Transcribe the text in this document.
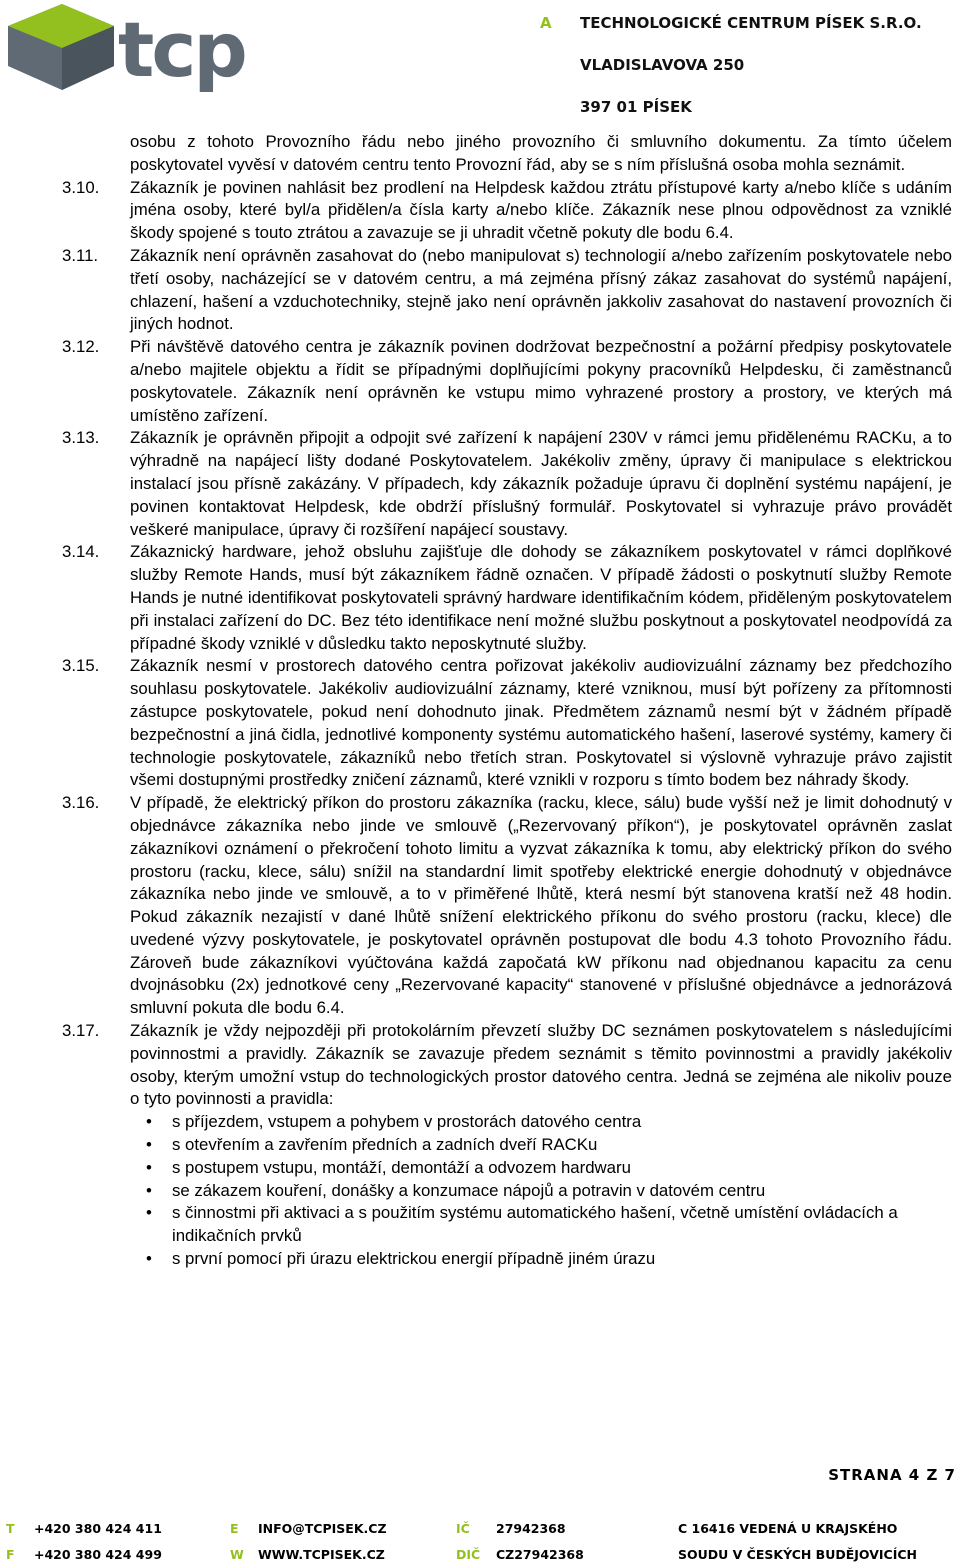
tcp	A TECHNOLOGICKÉ CENTRUM PÍSEK S.R.O.
VLADISLAVOVA 250
397 01 PÍSEK
osobu z tohoto Provozního řádu nebo jiného provozního či smluvního dokumentu. Za tímto účelem poskytovatel vyvěsí v datovém centru tento Provozní řád, aby se s ním příslušná osoba mohla seznámit.
3.10.	Zákazník je povinen nahlásit bez prodlení na Helpdesk každou ztrátu přístupové karty a/nebo klíče s udáním jména osoby, které byl/a přidělen/a čísla karty a/nebo klíče. Zákazník nese plnou odpovědnost za vzniklé škody spojené s touto ztrátou a zavazuje se ji uhradit včetně pokuty dle bodu 6.4.
3.11.	Zákazník není oprávněn zasahovat do (nebo manipulovat s) technologií a/nebo zařízením poskytovatele nebo třetí osoby, nacházející se v datovém centru, a má zejména přísný zákaz zasahovat do systémů napájení, chlazení, hašení a vzduchotechniky, stejně jako není oprávněn jakkoliv zasahovat do nastavení provozních či jiných hodnot.
3.12.	Při návštěvě datového centra je zákazník povinen dodržovat bezpečnostní a požární předpisy poskytovatele a/nebo majitele objektu a řídit se případnými doplňujícími pokyny pracovníků Helpdesku, či zaměstnanců poskytovatele. Zákazník není oprávněn ke vstupu mimo vyhrazené prostory a prostory, ve kterých má umístěno zařízení.
3.13.	Zákazník je oprávněn připojit a odpojit své zařízení k napájení 230V v rámci jemu přidělenému RACKu, a to výhradně na napájecí lišty dodané Poskytovatelem. Jakékoliv změny, úpravy či manipulace s elektrickou instalací jsou přísně zakázány. V případech, kdy zákazník požaduje úpravu či doplnění systému napájení, je povinen kontaktovat Helpdesk, kde obdrží příslušný formulář. Poskytovatel si vyhrazuje právo provádět veškeré manipulace, úpravy či rozšíření napájecí soustavy.
3.14.	Zákaznický hardware, jehož obsluhu zajišťuje dle dohody se zákazníkem poskytovatel v rámci doplňkové služby Remote Hands, musí být zákazníkem řádně označen. V případě žádosti o poskytnutí služby Remote Hands je nutné identifikovat poskytovateli správný hardware identifikačním kódem, přiděleným poskytovatelem při instalaci zařízení do DC. Bez této identifikace není možné službu poskytnout a poskytovatel neodpovídá za případné škody vzniklé v důsledku takto neposkytnuté služby.
3.15.	Zákazník nesmí v prostorech datového centra pořizovat jakékoliv audiovizuální záznamy bez předchozího souhlasu poskytovatele. Jakékoliv audiovizuální záznamy, které vzniknou, musí být pořízeny za přítomnosti zástupce poskytovatele, pokud není dohodnuto jinak. Předmětem záznamů nesmí být v žádném případě bezpečnostní a jiná čidla, jednotlivé komponenty systému automatického hašení, laserové systémy, kamery či technologie poskytovatele, zákazníků nebo třetích stran. Poskytovatel si výslovně vyhrazuje právo zajistit všemi dostupnými prostředky zničení záznamů, které vznikli v rozporu s tímto bodem bez náhrady škody.
3.16.	V případě, že elektrický příkon do prostoru zákazníka (racku, klece, sálu) bude vyšší než je limit dohodnutý v objednávce zákazníka nebo jinde ve smlouvě („Rezervovaný příkon“), je poskytovatel oprávněn zaslat zákazníkovi oznámení o překročení tohoto limitu a vyzvat zákazníka k tomu, aby elektrický příkon do svého prostoru (racku, klece, sálu) snížil na standardní limit spotřeby elektrické energie dohodnutý v objednávce zákazníka nebo jinde ve smlouvě, a to v přiměřené lhůtě, která nesmí být stanovena kratší než 48 hodin. Pokud zákazník nezajistí v dané lhůtě snížení elektrického příkonu do svého prostoru (racku, klece) dle uvedené výzvy poskytovatele, je poskytovatel oprávněn postupovat dle bodu 4.3 tohoto Provozního řádu. Zároveň bude zákazníkovi vyúčtována každá započatá kW příkonu nad objednanou kapacitu za cenu dvojnásobku (2x) jednotkové ceny „Rezervované kapacity“ stanovené v příslušné objednávce a jednorázová smluvní pokuta dle bodu 6.4.
3.17.	Zákazník je vždy nejpozději při protokolárním převzetí služby DC seznámen poskytovatelem s následujícími povinnostmi a pravidly. Zákazník se zavazuje předem seznámit s těmito povinnostmi a pravidly jakékoliv osoby, kterým umožní vstup do technologických prostor datového centra. Jedná se zejména ale nikoliv pouze o tyto povinnosti a pravidla:
• s příjezdem, vstupem a pohybem v prostorách datového centra
• s otevřením a zavřením předních a zadních dveří RACKu
• s postupem vstupu, montáží, demontáží a odvozem hardwaru
• se zákazem kouření, donášky a konzumace nápojů a potravin v datovém centru
• s činnostmi při aktivaci a s použitím systému automatického hašení, včetně umístění ovládacích a indikačních prvků
• s první pomocí při úrazu elektrickou energií případně jiném úrazu
STRANA 4 Z 7
T +420 380 424 411
F +420 380 424 499
E INFO@TCPISEK.CZ
W WWW.TCPISEK.CZ
IČ 27942368
DIČ CZ27942368
C 16416 VEDENÁ U KRAJSKÉHO
SOUDU V ČESKÝCH BUDĚJOVICÍCH
